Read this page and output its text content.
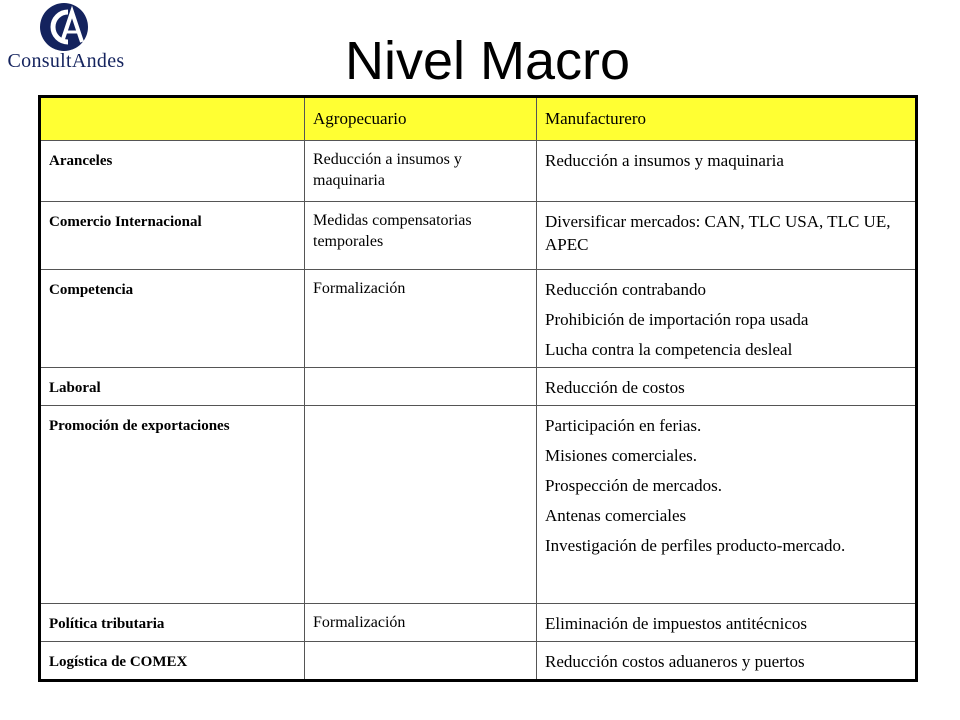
ConsultAndes	Nivel Macro
	Agropecuario	Manufacturero
Aranceles	Reducción a insumos y maquinaria	Reducción a insumos y maquinaria

Comercio Internacional	Medidas compensatorias temporales	Diversificar mercados: CAN, TLC USA, TLC UE, APEC

Competencia	Formalización	Reducción contrabando
Prohibición de importación ropa usada
Lucha contra la competencia desleal

Laboral		Reducción de costos

Promoción de exportaciones		Participación en ferias.
Misiones comerciales.
Prospección de mercados.
Antenas comerciales
Investigación de perfiles producto-mercado.

Política tributaria	Formalización	Eliminación de impuestos antitécnicos

Logística de COMEX		Reducción costos aduaneros y puertos
